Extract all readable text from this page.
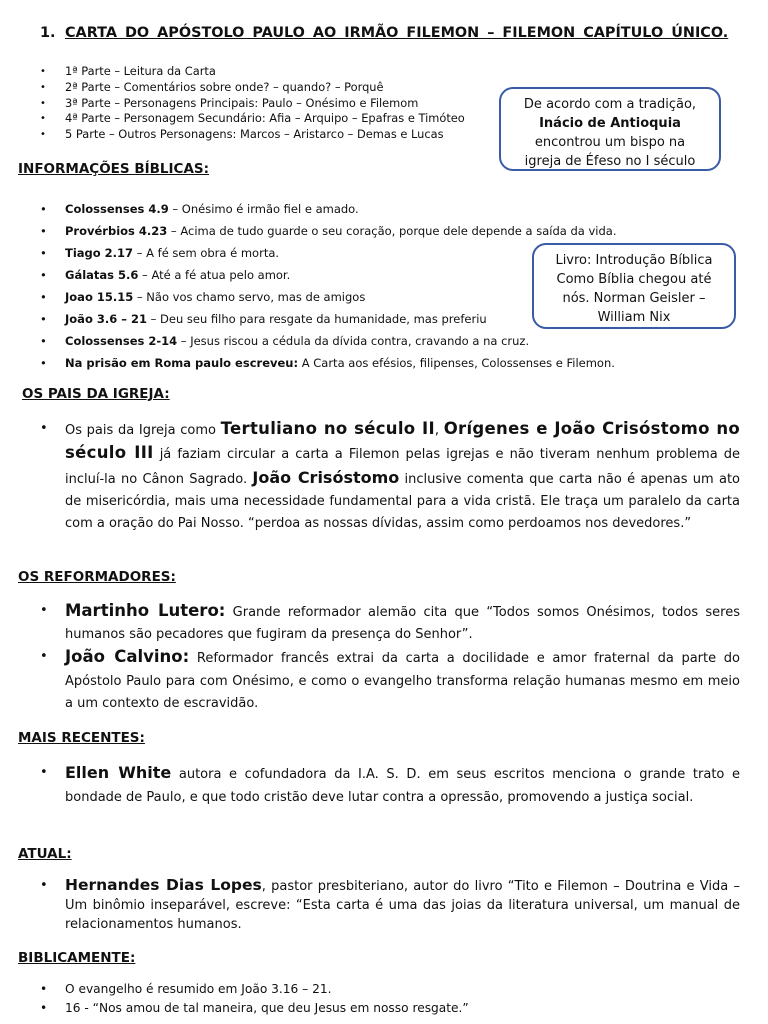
1. CARTA DO APÓSTOLO PAULO AO IRMÃO FILEMON – FILEMON CAPÍTULO ÚNICO.
• 1ª Parte – Leitura da Carta
• 2ª Parte – Comentários sobre onde? – quando? – Porquê
• 3ª Parte – Personagens Principais: Paulo – Onésimo e Filemom
• 4ª Parte – Personagem Secundário: Afia – Arquipo – Epafras e Timóteo
• 5 Parte – Outros Personagens: Marcos – Aristarco – Demas e Lucas
INFORMAÇÕES BÍBLICAS:
• Colossenses 4.9 – Onésimo é irmão fiel e amado.
• Provérbios 4.23 – Acima de tudo guarde o seu coração, porque dele depende a saída da vida.
• Tiago 2.17 – A fé sem obra é morta.
• Gálatas 5.6 – Até a fé atua pelo amor.
• Joao 15.15 – Não vos chamo servo, mas de amigos
• João 3.6 – 21 – Deu seu filho para resgate da humanidade, mas preferiu
• Colossenses 2-14 – Jesus riscou a cédula da dívida contra, cravando a na cruz.
• Na prisão em Roma paulo escreveu: A Carta aos efésios, filipenses, Colossenses e Filemon.
De acordo com a tradição,
Inácio de Antioquia
encontrou um bispo na
igreja de Éfeso no I século
Livro: Introdução Bíblica
Como Bíblia chegou até
nós. Norman Geisler –
William Nix
OS PAIS DA IGREJA:
• Os pais da Igreja como Tertuliano no século II, Orígenes e João Crisóstomo no século III já faziam circular a carta a Filemon pelas igrejas e não tiveram nenhum problema de incluí-la no Cânon Sagrado. João Crisóstomo inclusive comenta que carta não é apenas um ato de misericórdia, mais uma necessidade fundamental para a vida cristã. Ele traça um paralelo da carta com a oração do Pai Nosso. “perdoa as nossas dívidas, assim como perdoamos nos devedores.”
OS REFORMADORES:
• Martinho Lutero: Grande reformador alemão cita que “Todos somos Onésimos, todos seres humanos são pecadores que fugiram da presença do Senhor”.
• João Calvino: Reformador francês extrai da carta a docilidade e amor fraternal da parte do Apóstolo Paulo para com Onésimo, e como o evangelho transforma relação humanas mesmo em meio a um contexto de escravidão.
MAIS RECENTES:
• Ellen White autora e cofundadora da I.A. S. D. em seus escritos menciona o grande trato e bondade de Paulo, e que todo cristão deve lutar contra a opressão, promovendo a justiça social.
ATUAL:
• Hernandes Dias Lopes, pastor presbiteriano, autor do livro “Tito e Filemon – Doutrina e Vida – Um binômio inseparável, escreve: “Esta carta é uma das joias da literatura universal, um manual de relacionamentos humanos.
BIBLICAMENTE:
• O evangelho é resumido em João 3.16 – 21.
• 16 - “Nos amou de tal maneira, que deu Jesus em nosso resgate.”
